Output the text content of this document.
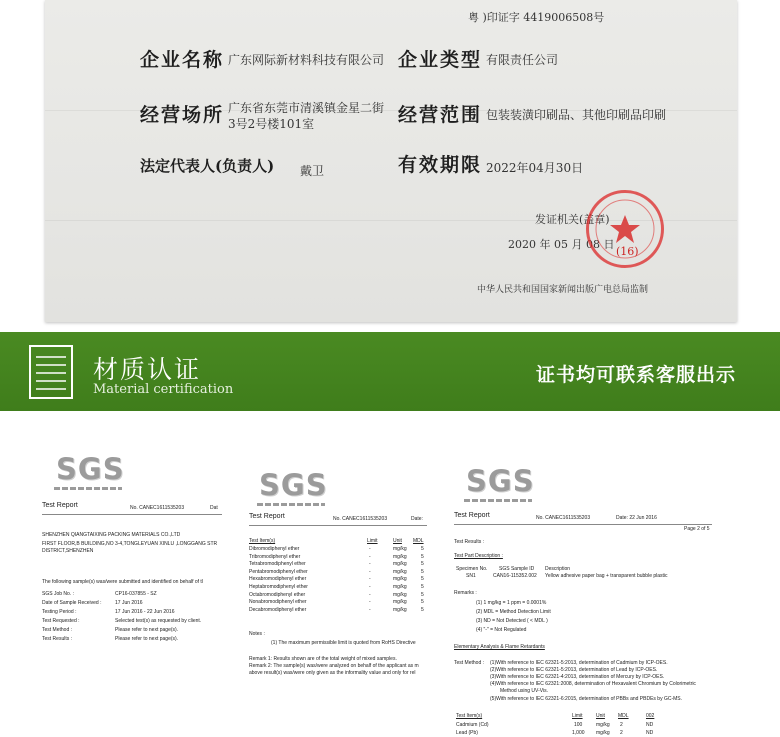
粤 )印证字 4419006508号
企业名称 广东网际新材料科技有限公司 企业类型 有限责任公司
经营场所 广东省东莞市清溪镇金星二街
3号2号楼101室	经营范围 包装装潢印刷品、其他印刷品印刷
法定代表人(负责人) 戴卫	有效期限 2022年04月30日
发证机关(盖章)
2020 年 05 月 08 日
(16)
中华人民共和国国家新闻出版广电总局监制
材质认证
Material certification
证书均可联系客服出示
SGS
Test Report	No. CANEC1611535203	Dat
SHENZHEN QIANGTAIXING PACKING MATERIALS CO.,LTD
FIRST FLOOR,B BUILDING,NO 3-4,TONGLEYUAN XINLU ,LONGGANG STR
DISTRICT,SHENZHEN
The following sample(s) was/were submitted and identified on behalf of tl
SGS Job No. :	CP16-037855 - SZ
Date of Sample Received :	17 Jun 2016
Testing Period :	17 Jun 2016 - 22 Jun 2016
Test Requested :	Selected test(s) as requested by client.
Test Method :	Please refer to next page(s).
Test Results :	Please refer to next page(s).
SGS
Test Report	No. CANEC1611535203	Date:
Test Item(s)	Limit	Unit MDL
Dibromodiphenyl ether	-	mg/kg	5
Tribromodiphenyl ether	-	mg/kg	5
Tetrabromodiphenyl ether	-	mg/kg	5
Pentabromodiphenyl ether	-	mg/kg	5
Hexabromodiphenyl ether	-	mg/kg	5
Heptabromodiphenyl ether	-	mg/kg	5
Octabromodiphenyl ether	-	mg/kg	5
Nonabromodiphenyl ether	-	mg/kg	5
Decabromodiphenyl ether	-	mg/kg	5
Notes :
(1) The maximum permissible limit is quoted from RoHS Directive
Remark 1: Results shown are of the total weight of mixed samples.
Remark 2: The sample(s) was/were analyzed on behalf of the applicant as m
above result(s) was/were only given as the informality value and only for rel
SGS
Test Report	No. CANEC1611535203	Date: 22 Jun 2016
Page 2 of 5
Test Results :
Test Part Description :
Specimen No. SGS Sample ID Description
SN1	CAN16-115352.002 Yellow adhesive paper bag + transparent bubble plastic
Remarks :
(1) 1 mg/kg = 1 ppm = 0.0001%
(2) MDL = Method Detection Limit
(3) ND = Not Detected ( < MDL )
(4) "-" = Not Regulated
Elementary Analysis & Flame Retardants
Test Method : (1)With reference to IEC 62321-5:2013, determination of Cadmium by ICP-OES.
(2)With reference to IEC 62321-5:2013, determination of Lead by ICP-OES.
(3)With reference to IEC 62321-4:2013, determination of Mercury by ICP-OES.
(4)With reference to IEC 62321:2008, determination of Hexavalent Chromium by Colorimetric
Method using UV-Vis.
(5)With reference to IEC 62321-6:2015, determination of PBBs and PBDEs by GC-MS.
Test Item(s)	Limit	Unit	MDL	002
Cadmium (Cd)	100	mg/kg 2	ND
Lead (Pb)	1,000 mg/kg 2	ND
